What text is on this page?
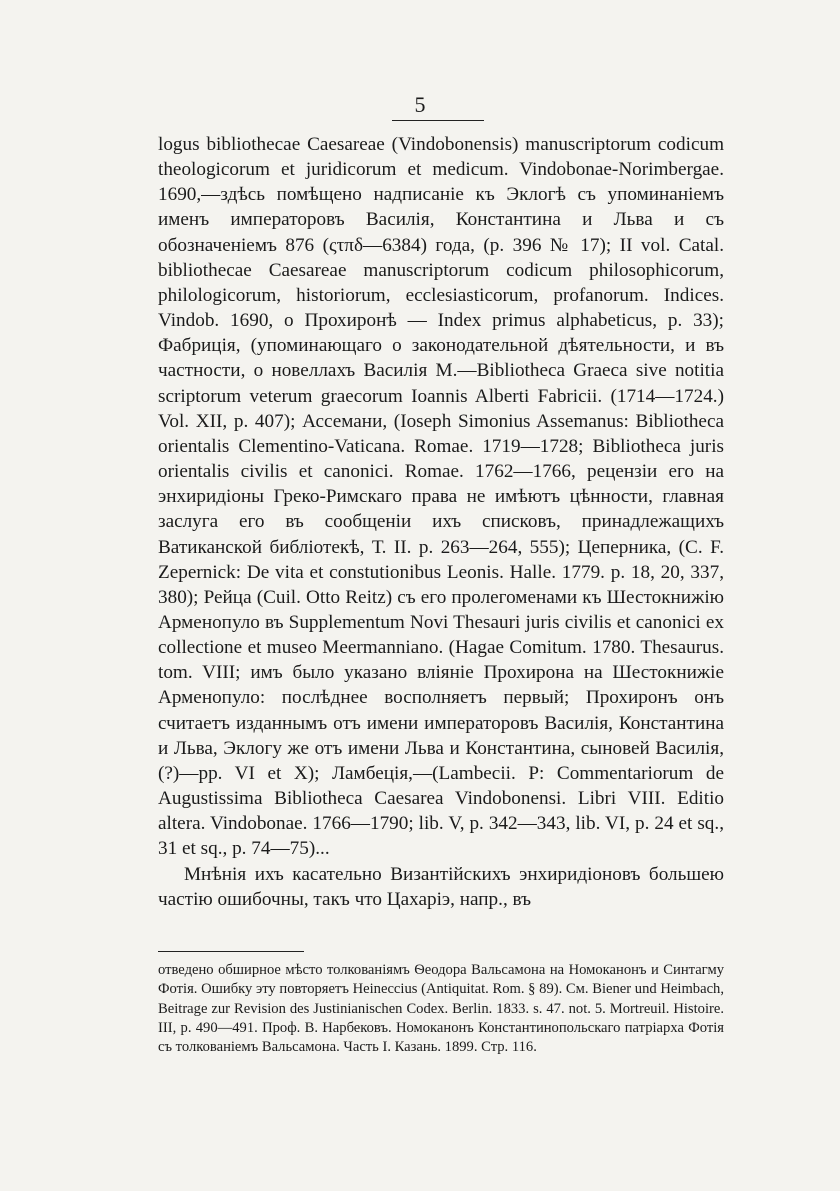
5

logus bibliothecae Caesareae (Vindobonensis) manuscriptorum codicum theologicorum et juridicorum et medicum. Vindobonae-Norimbergae. 1690,—здѣсь помѣщено надписаніе къ Эклогѣ съ упоминаніемъ именъ императоровъ Василія, Константина и Льва и съ обозначеніемъ 876 (ςτπδ—6384) года, (р. 396 № 17); II vol. Catal. bibliothecae Caesareae manuscriptorum codicum philosophicorum, philologicorum, historiorum, ecclesiasticorum, profanorum. Indices. Vindob. 1690, о Прохиронѣ — Index primus alphabeticus, p. 33); Фабриція, (упоминающаго о законодательной дѣятельности, и въ частности, о новеллахъ Василія М.—Bibliotheca Graeca sive notitia scriptorum veterum graecorum Ioannis Alberti Fabricii. (1714—1724.) Vol. XII, p. 407); Ассемани, (Ioseph Simonius Assemanus: Bibliotheca orientalis Clementino-Vaticana. Romae. 1719—1728; Bibliotheca juris orientalis civilis et canonici. Romae. 1762—1766, рецензіи его на энхиридіоны Греко-Римскаго права не имѣютъ цѣнности, главная заслуга его въ сообщеніи ихъ списковъ, принадлежащихъ Ватиканской библіотекѣ, Т. II. р. 263—264, 555); Цеперника, (C. F. Zepernick: De vita et constutionibus Leonis. Halle. 1779. p. 18, 20, 337, 380); Рейца (Cuil. Otto Reitz) съ его пролегоменами къ Шестокнижію Арменопуло въ Supplementum Novi Thesauri juris civilis et canonici ex collectione et museo Meermanniano. (Hagae Comitum. 1780. Thesaurus. tom. VIII; имъ было указано вліяніе Прохирона на Шестокнижіе Арменопуло: послѣднее восполняетъ первый; Прохиронъ онъ считаетъ изданнымъ отъ имени императоровъ Василія, Константина и Льва, Эклогу же отъ имени Льва и Константина, сыновей Василія, (?)—pp. VI et X); Ламбеція,—(Lambecii. P: Commentariorum de Augustissima Bibliotheca Caesarea Vindobonensi. Libri VIII. Editio altera. Vindobonae. 1766—1790; lib. V, p. 342—343, lib. VI, p. 24 et sq., 31 et sq., p. 74—75)...

Мнѣнія ихъ касательно Византійскихъ энхиридіоновъ большею частію ошибочны, такъ что Цахаріэ, напр., въ

отведено обширное мѣсто толкованіямъ Ѳеодора Вальсамона на Номоканонъ и Синтагму Фотія. Ошибку эту повторяетъ Heineccius (Antiquitat. Rom. § 89). См. Biener und Heimbach, Beitrage zur Revision des Justinianischen Codex. Berlin. 1833. s. 47. not. 5. Mortreuil. Histoire. III, р. 490—491. Проф. В. Нарбековъ. Номоканонъ Константинопольскаго патріарха Фотія съ толкованіемъ Вальсамона. Часть I. Казань. 1899. Стр. 116.
